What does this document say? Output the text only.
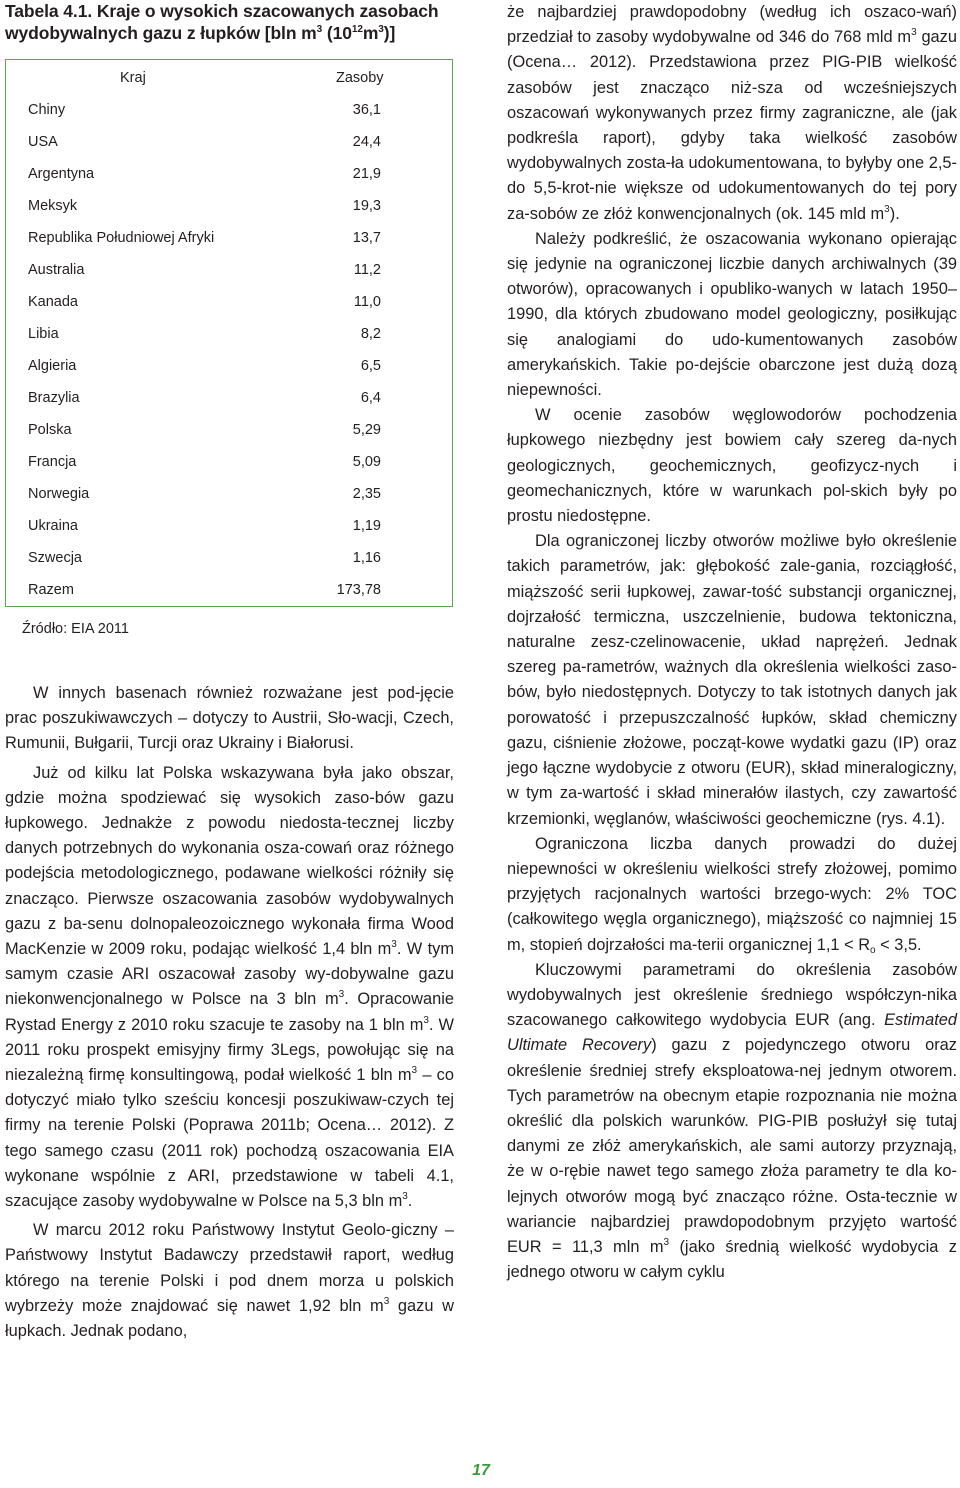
Tabela 4.1. Kraje o wysokich szacowanych zasobach
wydobywalnych gazu z łupków [bln $m^3$ $(10^{12}m^3)$]
Kraj	Zasoby
Chiny	36,1
USA	24,4
Argentyna	21,9
Meksyk	19,3
Republika Południowej Afryki	13,7
Australia	11,2
Kanada	11,0
Libia	8,2
Algieria	6,5
Brazylia	6,4
Polska	5,29
Francja	5,09
Norwegia	2,35
Ukraina	1,19
Szwecja	1,16
Razem	173,78
Źródło: EIA 2011

W innych basenach również rozważane jest pod-jęcie prac poszukiwawczych – dotyczy to Austrii, Sło-wacji, Czech, Rumunii, Bułgarii, Turcji oraz Ukrainy i Białorusi.

Już od kilku lat Polska wskazywana była jako obszar, gdzie można spodziewać się wysokich zaso-bów gazu łupkowego. Jednakże z powodu niedosta-tecznej liczby danych potrzebnych do wykonania osza-cowań oraz różnego podejścia metodologicznego, podawane wielkości różniły się znacząco. Pierwsze oszacowania zasobów wydobywalnych gazu z ba-senu dolnopaleozoicznego wykonała firma Wood MacKenzie w 2009 roku, podając wielkość 1,4 bln $m^3$. W tym samym czasie ARI oszacował zasoby wy-dobywalne gazu niekonwencjonalnego w Polsce na 3 bln $m^3$. Opracowanie Rystad Energy z 2010 roku szacuje te zasoby na 1 bln $m^3$. W 2011 roku prospekt emisyjny firmy 3Legs, powołując się na niezależną firmę konsultingową, podał wielkość 1 bln $m^3$ – co dotyczyć miało tylko sześciu koncesji poszukiwaw-czych tej firmy na terenie Polski (Poprawa 2011b; Ocena… 2012). Z tego samego czasu (2011 rok) pochodzą oszacowania EIA wykonane wspólnie z ARI, przedstawione w tabeli 4.1, szacujące zasoby wydobywalne w Polsce na 5,3 bln $m^3$.

W marcu 2012 roku Państwowy Instytut Geolo-giczny – Państwowy Instytut Badawczy przedstawił raport, według którego na terenie Polski i pod dnem morza u polskich wybrzeży może znajdować się nawet 1,92 bln $m^3$ gazu w łupkach. Jednak podano,

że najbardziej prawdopodobny (według ich oszaco-wań) przedział to zasoby wydobywalne od 346 do 768 mld $m^3$ gazu (Ocena… 2012). Przedstawiona przez PIG-PIB wielkość zasobów jest znacząco niż-sza od wcześniejszych oszacowań wykonywanych przez firmy zagraniczne, ale (jak podkreśla raport), gdyby taka wielkość zasobów wydobywalnych zosta-ła udokumentowana, to byłyby one 2,5- do 5,5-krot-nie większe od udokumentowanych do tej pory za-sobów ze złóż konwencjonalnych (ok. 145 mld $m^3$).

Należy podkreślić, że oszacowania wykonano opierając się jedynie na ograniczonej liczbie danych archiwalnych (39 otworów), opracowanych i opubliko-wanych w latach 1950–1990, dla których zbudowano model geologiczny, posiłkując się analogiami do udo-kumentowanych zasobów amerykańskich. Takie po-dejście obarczone jest dużą dozą niepewności.

W ocenie zasobów węglowodorów pochodzenia łupkowego niezbędny jest bowiem cały szereg da-nych geologicznych, geochemicznych, geofizycz-nych i geomechanicznych, które w warunkach pol-skich były po prostu niedostępne.

Dla ograniczonej liczby otworów możliwe było określenie takich parametrów, jak: głębokość zale-gania, rozciągłość, miąższość serii łupkowej, zawar-tość substancji organicznej, dojrzałość termiczna, uszczelnienie, budowa tektoniczna, naturalne zesz-czelinowacenie, układ naprężeń. Jednak szereg pa-rametrów, ważnych dla określenia wielkości zaso-bów, było niedostępnych. Dotyczy to tak istotnych danych jak porowatość i przepuszczalność łupków, skład chemiczny gazu, ciśnienie złożowe, począt-kowe wydatki gazu (IP) oraz jego łączne wydobycie z otworu (EUR), skład mineralogiczny, w tym za-wartość i skład minerałów ilastych, czy zawartość krzemionki, węglanów, właściwości geochemiczne (rys. 4.1).

Ograniczona liczba danych prowadzi do dużej niepewności w określeniu wielkości strefy złożowej, pomimo przyjętych racjonalnych wartości brzego-wych: 2% TOC (całkowitego węgla organicznego), miąższość co najmniej 15 m, stopień dojrzałości ma-terii organicznej $1,1 < R_o < 3,5$.

Kluczowymi parametrami do określenia zasobów wydobywalnych jest określenie średniego współczyn-nika szacowanego całkowitego wydobycia EUR (ang. Estimated Ultimate Recovery) gazu z pojedynczego otworu oraz określenie średniej strefy eksploatowa-nej jednym otworem. Tych parametrów na obecnym etapie rozpoznania nie można określić dla polskich warunków. PIG-PIB posłużył się tutaj danymi ze złóż amerykańskich, ale sami autorzy przyznają, że w o-rębie nawet tego samego złoża parametry te dla ko-lejnych otworów mogą być znacząco różne. Osta-tecznie w wariancie najbardziej prawdopodobnym przyjęto wartość EUR = 11,3 mln $m^3$ (jako średnią wielkość wydobycia z jednego otworu w całym cyklu

17
